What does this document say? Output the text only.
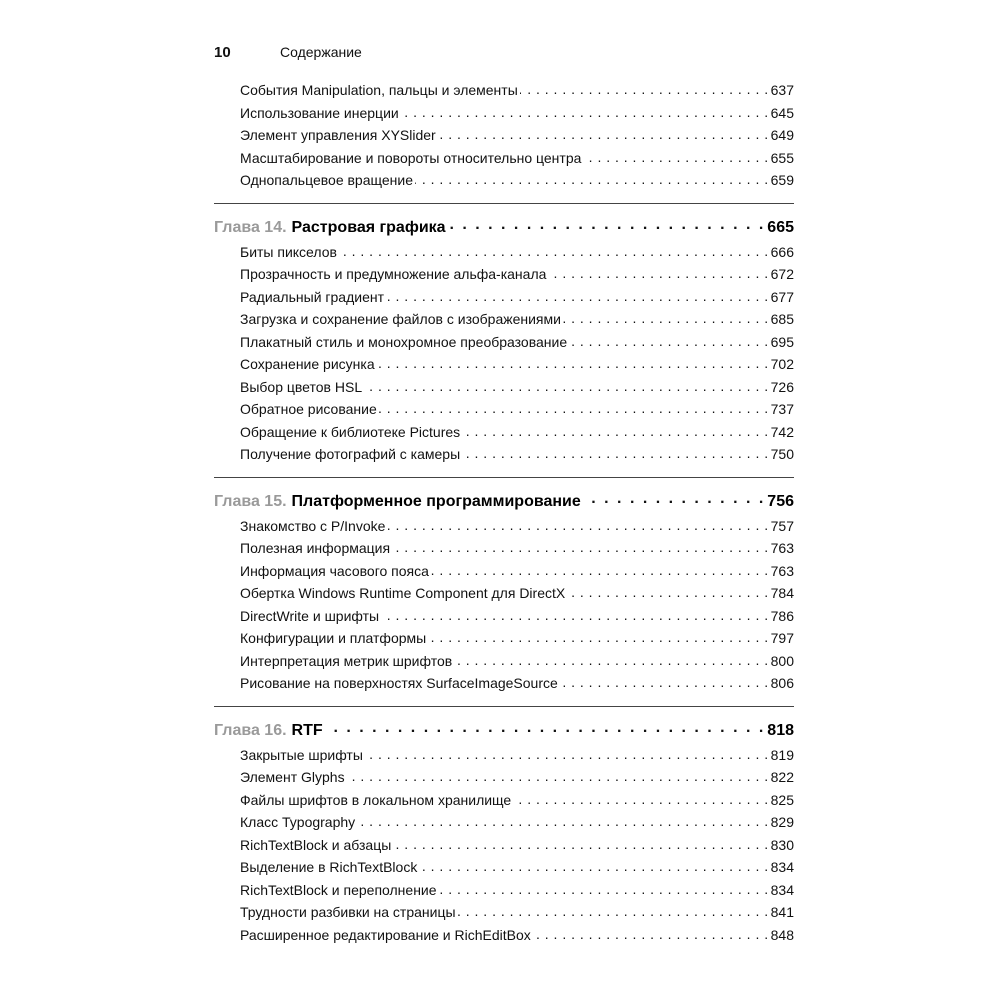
10	Содержание
События Manipulation, пальцы и элементы . . .	637
Использование инерции . . .	645
Элемент управления XYSlider . . .	649
Масштабирование и повороты относительно центра . . .	655
Однопальцевое вращение . . .	659
Глава 14. Растровая графика . . .	665
Биты пикселов . . .	666
Прозрачность и предумножение альфа-канала . . .	672
Радиальный градиент . . .	677
Загрузка и сохранение файлов с изображениями . . .	685
Плакатный стиль и монохромное преобразование . . .	695
Сохранение рисунка . . .	702
Выбор цветов HSL . . .	726
Обратное рисование . . .	737
Обращение к библиотеке Pictures . . .	742
Получение фотографий с камеры . . .	750
Глава 15. Платформенное программирование . . .	756
Знакомство с P/Invoke . . .	757
Полезная информация . . .	763
Информация часового пояса . . .	763
Обертка Windows Runtime Component для DirectX . . .	784
DirectWrite и шрифты . . .	786
Конфигурации и платформы . . .	797
Интерпретация метрик шрифтов . . .	800
Рисование на поверхностях SurfaceImageSource . . .	806
Глава 16. RTF . . .	818
Закрытые шрифты . . .	819
Элемент Glyphs . . .	822
Файлы шрифтов в локальном хранилище . . .	825
Класс Typography . . .	829
RichTextBlock и абзацы . . .	830
Выделение в RichTextBlock . . .	834
RichTextBlock и переполнение . . .	834
Трудности разбивки на страницы . . .	841
Расширенное редактирование и RichEditBox . . .	848
